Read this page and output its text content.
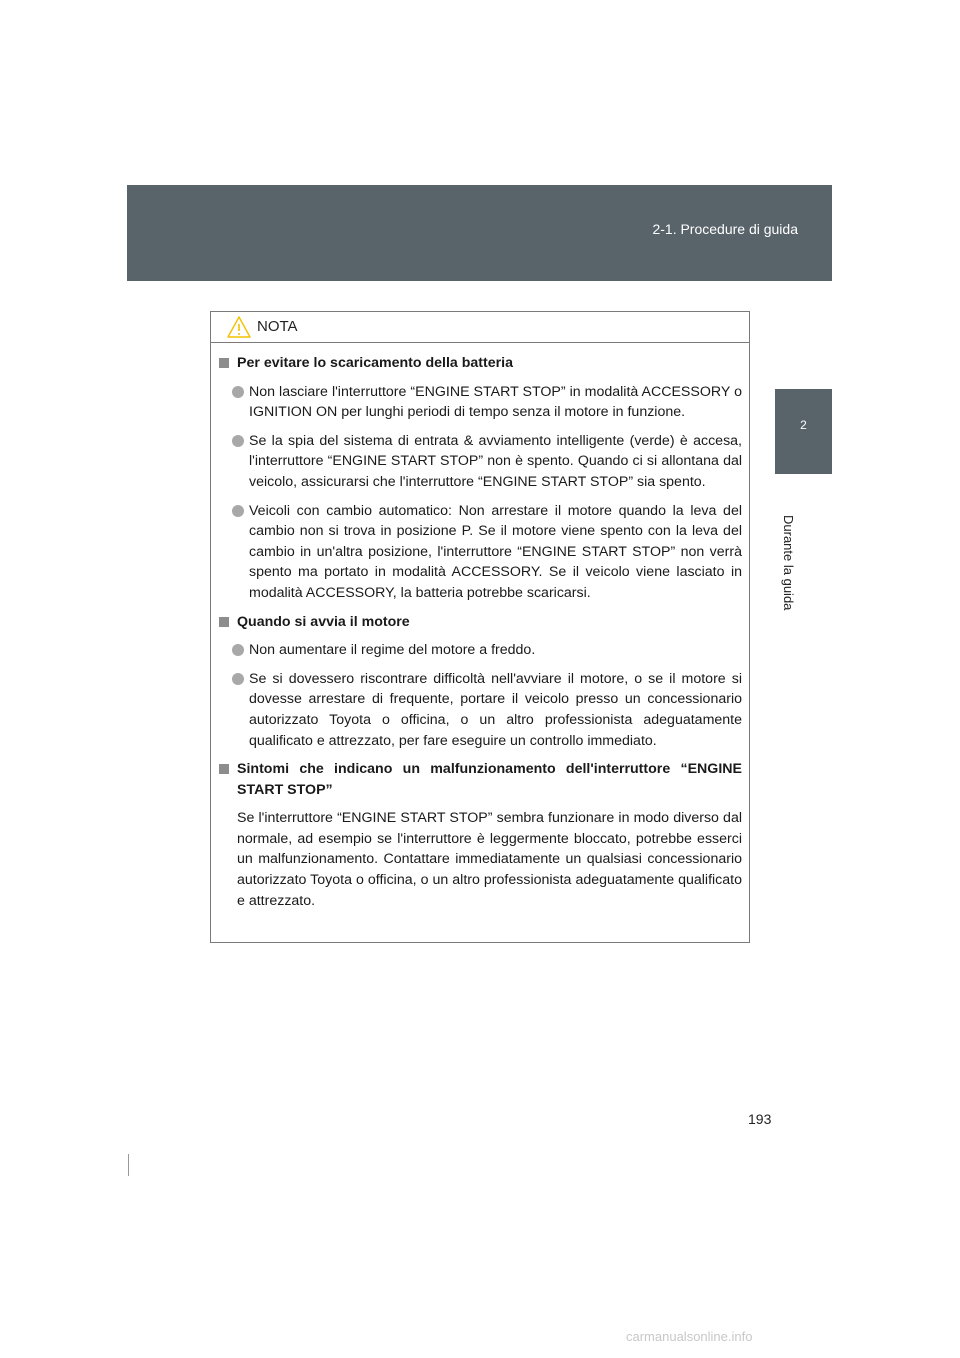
2-1. Procedure di guida
2
Durante la guida
NOTA
Per evitare lo scaricamento della batteria
Non lasciare l'interruttore “ENGINE START STOP” in modalità ACCESSORY o IGNITION ON per lunghi periodi di tempo senza il motore in funzione.
Se la spia del sistema di entrata & avviamento intelligente (verde) è accesa, l'interruttore “ENGINE START STOP” non è spento. Quando ci si allontana dal veicolo, assicurarsi che l'interruttore “ENGINE START STOP” sia spento.
Veicoli con cambio automatico: Non arrestare il motore quando la leva del cambio non si trova in posizione P. Se il motore viene spento con la leva del cambio in un'altra posizione, l'interruttore “ENGINE START STOP” non verrà spento ma portato in modalità ACCESSORY. Se il veicolo viene lasciato in modalità ACCESSORY, la batteria potrebbe scaricarsi.
Quando si avvia il motore
Non aumentare il regime del motore a freddo.
Se si dovessero riscontrare difficoltà nell'avviare il motore, o se il motore si dovesse arrestare di frequente, portare il veicolo presso un concessionario autorizzato Toyota o officina, o un altro professionista adeguatamente qualificato e attrezzato, per fare eseguire un controllo immediato.
Sintomi che indicano un malfunzionamento dell'interruttore “ENGINE START STOP”
Se l'interruttore “ENGINE START STOP” sembra funzionare in modo diverso dal normale, ad esempio se l'interruttore è leggermente bloccato, potrebbe esserci un malfunzionamento. Contattare immediatamente un qualsiasi concessionario autorizzato Toyota o officina, o un altro professionista adeguatamente qualificato e attrezzato.
193
carmanualsonline.info
